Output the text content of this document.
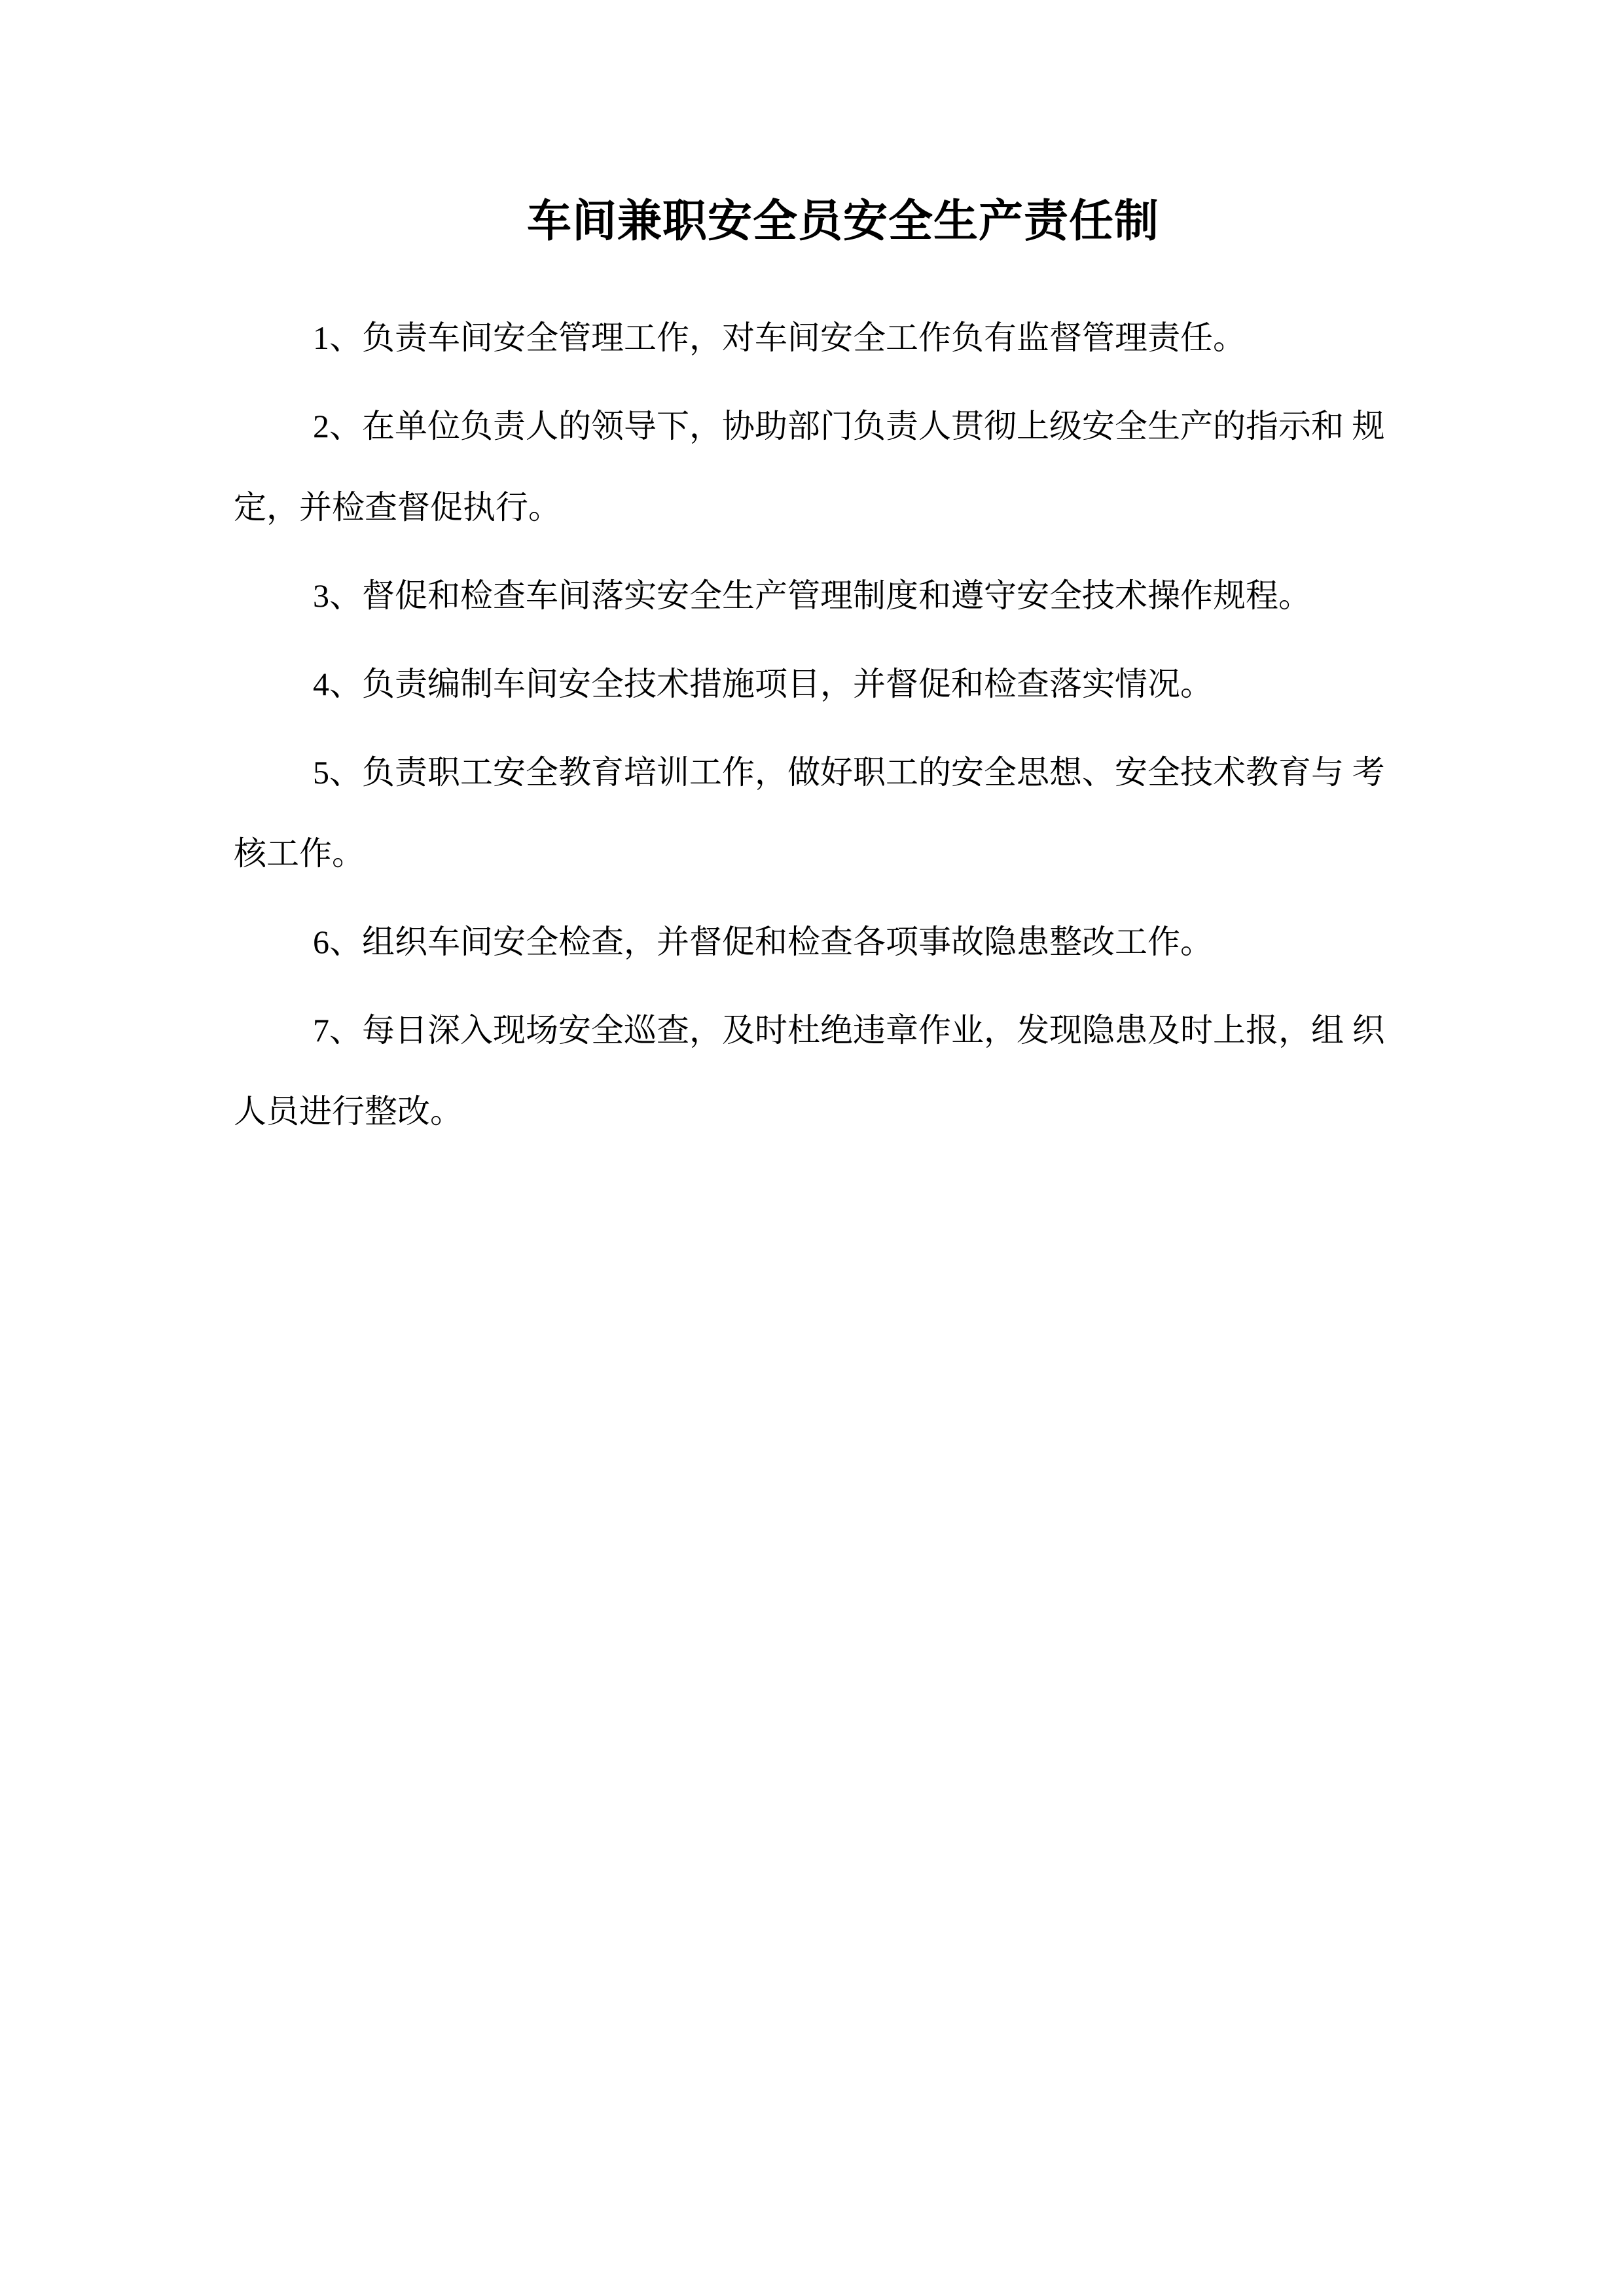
车间兼职安全员安全生产责任制
1、负责车间安全管理工作，对车间安全工作负有监督管理责任。
2、在单位负责人的领导下，协助部门负责人贯彻上级安全生产的指示和 规
定，并检查督促执行。
3、督促和检查车间落实安全生产管理制度和遵守安全技术操作规程。
4、负责编制车间安全技术措施项目，并督促和检查落实情况。
5、负责职工安全教育培训工作，做好职工的安全思想、安全技术教育与 考
核工作。
6、组织车间安全检查，并督促和检查各项事故隐患整改工作。
7、每日深入现场安全巡查，及时杜绝违章作业，发现隐患及时上报，组 织
人员进行整改。
